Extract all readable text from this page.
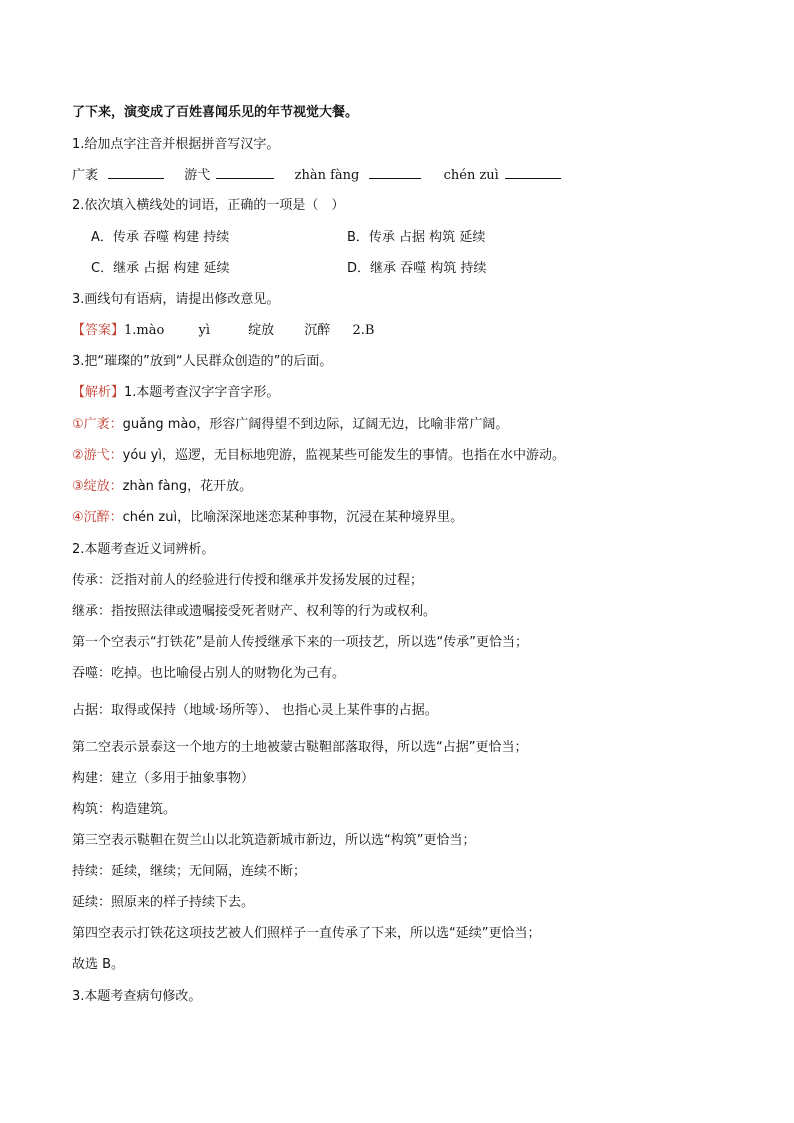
了下来，演变成了百姓喜闻乐见的年节视觉大餐。
1.给加点字注音并根据拼音写汉字。
广袤	游弋	zhàn fàng	chén zuì
2.依次填入横线处的词语，正确的一项是（　）
A．传承 吞噬 构建 持续	B．传承 占据 构筑 延续
C．继承 占据 构建 延续	D．继承 吞噬 构筑 持续
3.画线句有语病，请提出修改意见。
【答案】1.mào	yì	绽放 沉醉 2.B
3.把“璀璨的”放到“人民群众创造的”的后面。
【解析】1.本题考查汉字字音字形。
①广袤：guǎng mào，形容广阔得望不到边际，辽阔无边，比喻非常广阔。
②游弋：yóu yì，巡逻，无目标地兜游，监视某些可能发生的事情。也指在水中游动。
③绽放：zhàn fàng，花开放。
④沉醉：chén zuì，比喻深深地迷恋某种事物，沉浸在某种境界里。
2.本题考查近义词辨析。
传承：泛指对前人的经验进行传授和继承并发扬发展的过程；
继承：指按照法律或遗嘱接受死者财产、权利等的行为或权利。
第一个空表示“打铁花”是前人传授继承下来的一项技艺，所以选“传承”更恰当；
吞噬：吃掉。也比喻侵占别人的财物化为己有。
占据：取得或保持（地域·场所等）、 也指心灵上某件事的占据。
第二空表示景泰这一个地方的土地被蒙古鞑靼部落取得，所以选“占据”更恰当；
构建：建立（多用于抽象事物）
构筑：构造建筑。
第三空表示鞑靼在贺兰山以北筑造新城市新边，所以选“构筑”更恰当；
持续：延续，继续；无间隔，连续不断；
延续：照原来的样子持续下去。
第四空表示打铁花这项技艺被人们照样子一直传承了下来，所以选“延续”更恰当；
故选 B。
3.本题考查病句修改。
